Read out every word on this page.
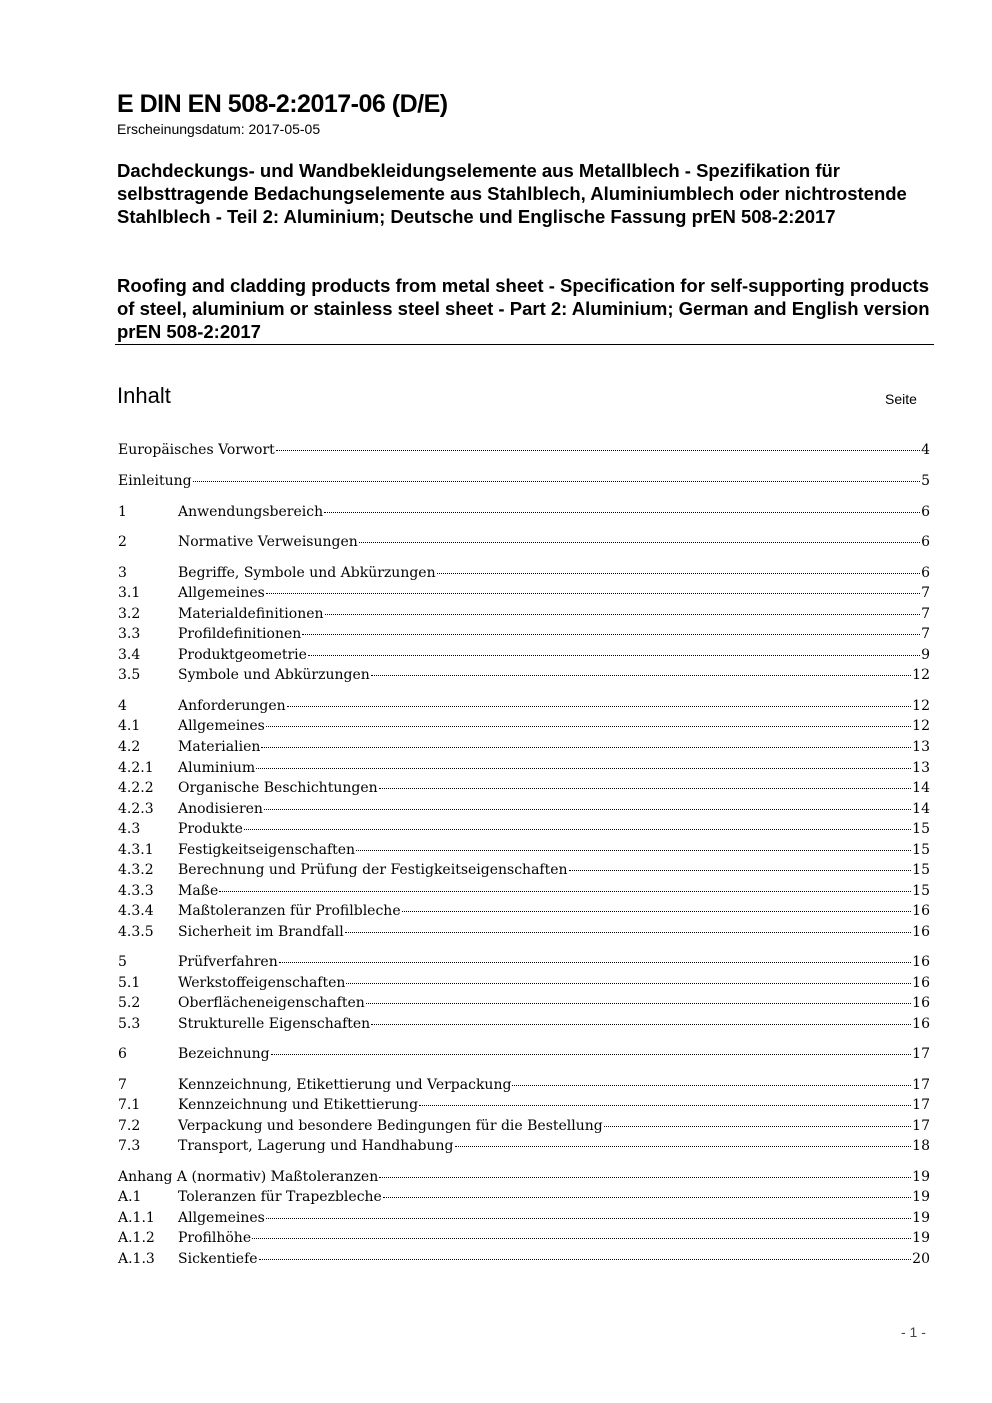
E DIN EN 508-2:2017-06 (D/E)
Erscheinungsdatum: 2017-05-05
Dachdeckungs- und Wandbekleidungselemente aus Metallblech - Spezifikation für selbsttragende Bedachungselemente aus Stahlblech, Aluminiumblech oder nichtrostende Stahlblech - Teil 2: Aluminium; Deutsche und Englische Fassung prEN 508-2:2017
Roofing and cladding products from metal sheet - Specification for self-supporting products of steel, aluminium or stainless steel sheet - Part 2: Aluminium; German and English version prEN 508-2:2017
Inhalt	Seite
Europäisches Vorwort	4
Einleitung	5
1	Anwendungsbereich	6
2	Normative Verweisungen	6
3	Begriffe, Symbole und Abkürzungen	6
3.1	Allgemeines	7
3.2	Materialdefinitionen	7
3.3	Profildefinitionen	7
3.4	Produktgeometrie	9
3.5	Symbole und Abkürzungen	12
4	Anforderungen	12
4.1	Allgemeines	12
4.2	Materialien	13
4.2.1	Aluminium	13
4.2.2	Organische Beschichtungen	14
4.2.3	Anodisieren	14
4.3	Produkte	15
4.3.1	Festigkeitseigenschaften	15
4.3.2	Berechnung und Prüfung der Festigkeitseigenschaften	15
4.3.3	Maße	15
4.3.4	Maßtoleranzen für Profilbleche	16
4.3.5	Sicherheit im Brandfall	16
5	Prüfverfahren	16
5.1	Werkstoffeigenschaften	16
5.2	Oberflächeneigenschaften	16
5.3	Strukturelle Eigenschaften	16
6	Bezeichnung	17
7	Kennzeichnung, Etikettierung und Verpackung	17
7.1	Kennzeichnung und Etikettierung	17
7.2	Verpackung und besondere Bedingungen für die Bestellung	17
7.3	Transport, Lagerung und Handhabung	18
Anhang A (normativ) Maßtoleranzen	19
A.1	Toleranzen für Trapezbleche	19
A.1.1	Allgemeines	19
A.1.2	Profilhöhe	19
A.1.3	Sickentiefe	20
- 1 -
